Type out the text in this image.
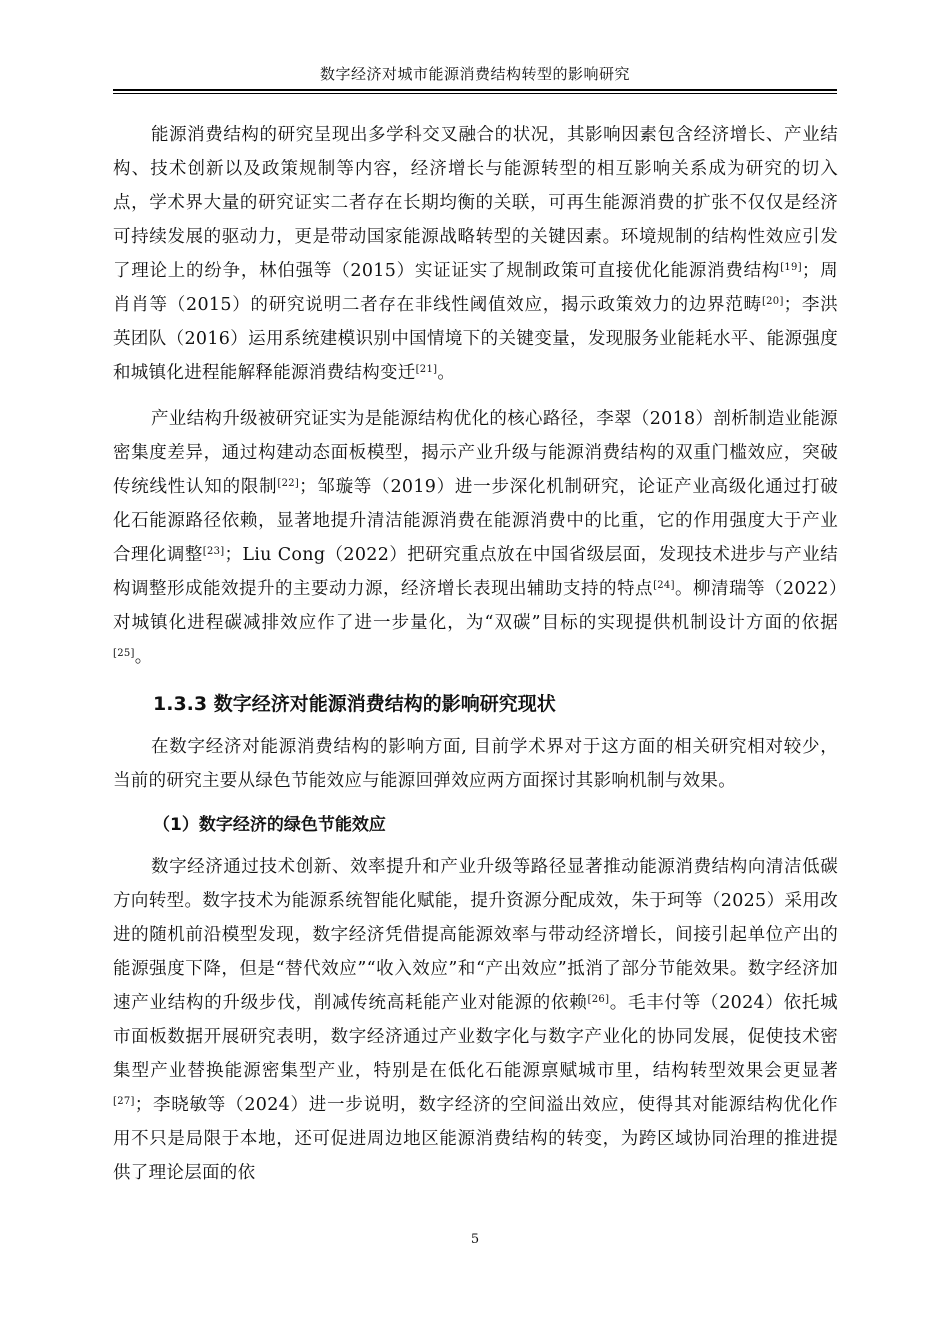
数字经济对城市能源消费结构转型的影响研究

能源消费结构的研究呈现出多学科交叉融合的状况，其影响因素包含经济增长、产业结构、技术创新以及政策规制等内容，经济增长与能源转型的相互影响关系成为研究的切入点，学术界大量的研究证实二者存在长期均衡的关联，可再生能源消费的扩张不仅仅是经济可持续发展的驱动力，更是带动国家能源战略转型的关键因素。环境规制的结构性效应引发了理论上的纷争，林伯强等（2015）实证证实了规制政策可直接优化能源消费结构[19]；周肖肖等（2015）的研究说明二者存在非线性阈值效应，揭示政策效力的边界范畴[20]；李洪英团队（2016）运用系统建模识别中国情境下的关键变量，发现服务业能耗水平、能源强度和城镇化进程能解释能源消费结构变迁[21]。

产业结构升级被研究证实为是能源结构优化的核心路径，李翠（2018）剖析制造业能源密集度差异，通过构建动态面板模型，揭示产业升级与能源消费结构的双重门槛效应，突破传统线性认知的限制[22]；邹璇等（2019）进一步深化机制研究，论证产业高级化通过打破化石能源路径依赖，显著地提升清洁能源消费在能源消费中的比重，它的作用强度大于产业合理化调整[23]；Liu Cong（2022）把研究重点放在中国省级层面，发现技术进步与产业结构调整形成能效提升的主要动力源，经济增长表现出辅助支持的特点[24]。柳清瑞等（2022）对城镇化进程碳减排效应作了进一步量化，为“双碳”目标的实现提供机制设计方面的依据[25]。

1.3.3 数字经济对能源消费结构的影响研究现状

在数字经济对能源消费结构的影响方面, 目前学术界对于这方面的相关研究相对较少，当前的研究主要从绿色节能效应与能源回弹效应两方面探讨其影响机制与效果。

（1）数字经济的绿色节能效应

数字经济通过技术创新、效率提升和产业升级等路径显著推动能源消费结构向清洁低碳方向转型。数字技术为能源系统智能化赋能，提升资源分配成效，朱于珂等（2025）采用改进的随机前沿模型发现，数字经济凭借提高能源效率与带动经济增长，间接引起单位产出的能源强度下降，但是“替代效应”“收入效应”和“产出效应”抵消了部分节能效果。数字经济加速产业结构的升级步伐，削减传统高耗能产业对能源的依赖[26]。毛丰付等（2024）依托城市面板数据开展研究表明，数字经济通过产业数字化与数字产业化的协同发展，促使技术密集型产业替换能源密集型产业，特别是在低化石能源禀赋城市里，结构转型效果会更显著[27]；李晓敏等（2024）进一步说明，数字经济的空间溢出效应，使得其对能源结构优化作用不只是局限于本地，还可促进周边地区能源消费结构的转变，为跨区域协同治理的推进提供了理论层面的依

5
